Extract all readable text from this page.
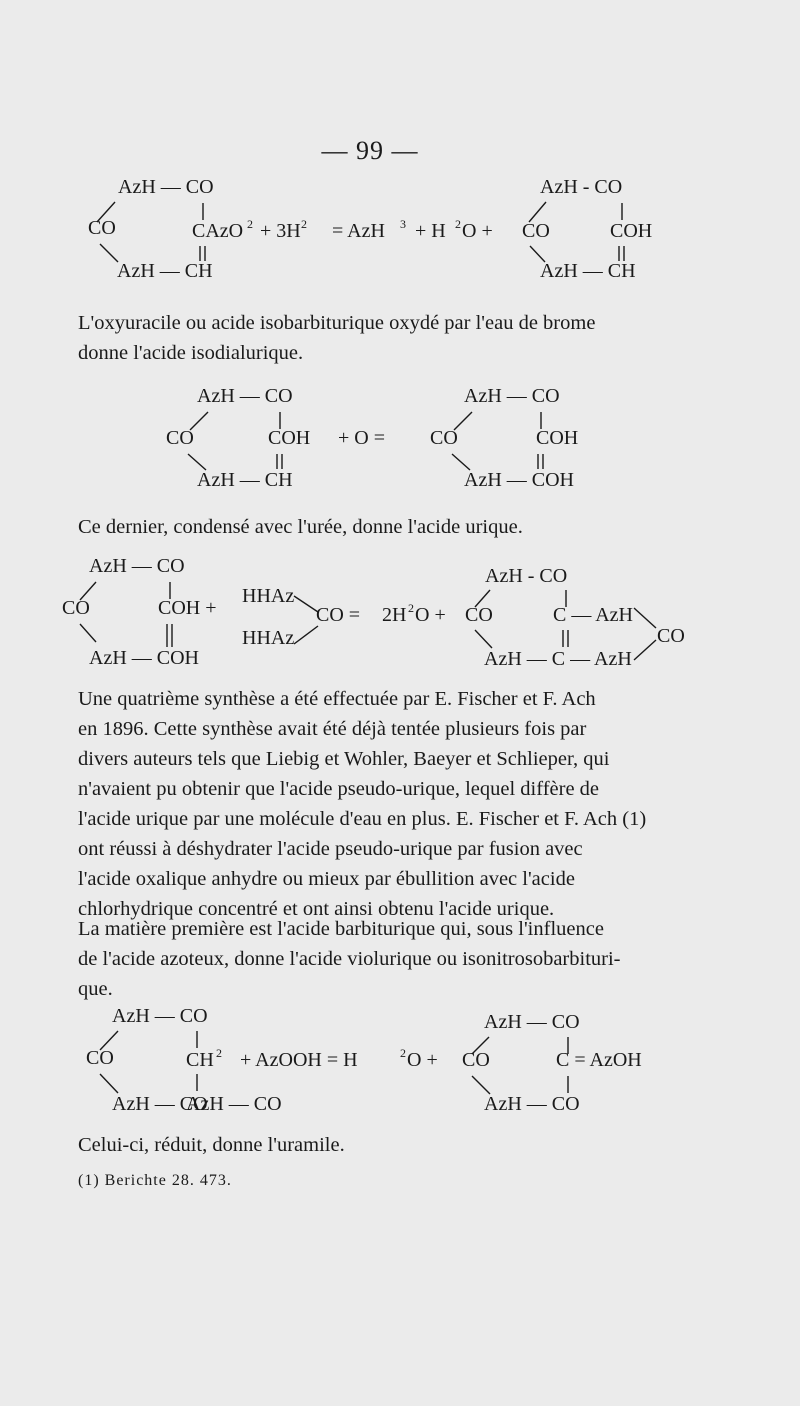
— 99 —
AzH — CO
CO
AzH — CH
CAzO 2 + 3H 2 = AzH 3 + H 2 O +
AzH - CO
CO
AzH — CH
COH
L'oxyuracile ou acide isobarbiturique oxydé par l'eau de brome
donne l'acide isodialurique.
AzH — CO
CO
AzH — CH
COH + O =
AzH — CO
CO
AzH — COH
COH
Ce dernier, condensé avec l'urée, donne l'acide urique.
AzH — CO
CO
AzH — COH
COH +
HHAz
CO =
HHAz
2H 2 O +
AzH - CO
CO
AzH — C — AzH
C — AzH
CO
Une quatrième synthèse a été effectuée par E. Fischer et F. Ach
en 1896. Cette synthèse avait été déjà tentée plusieurs fois par
divers auteurs tels que Liebig et Wohler, Baeyer et Schlieper, qui
n'avaient pu obtenir que l'acide pseudo-urique, lequel diffère de
l'acide urique par une molécule d'eau en plus. E. Fischer et F. Ach (1)
ont réussi à déshydrater l'acide pseudo-urique par fusion avec
l'acide oxalique anhydre ou mieux par ébullition avec l'acide
chlorhydrique concentré et ont ainsi obtenu l'acide urique.
La matière première est l'acide barbiturique qui, sous l'influence
de l'acide azoteux, donne l'acide violurique ou isonitrosobarbituri-
que.
AzH — CO
CO
AzH — CO
CH 2
AzH — CO
+ AzOOH = H	2 O +
AzH — CO
CO
AzH — CO
C = AzOH
Celui-ci, réduit, donne l'uramile.
(1) Berichte 28. 473.
